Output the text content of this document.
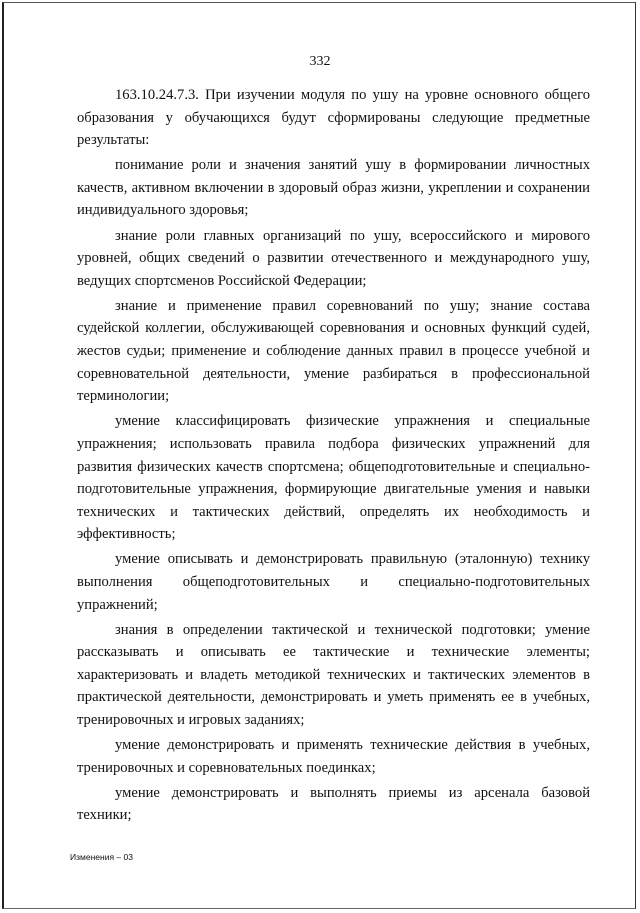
332

163.10.24.7.3. При изучении модуля по ушу на уровне основного общего образования у обучающихся будут сформированы следующие предметные результаты:

понимание роли и значения занятий ушу в формировании личностных качеств, активном включении в здоровый образ жизни, укреплении и сохранении индивидуального здоровья;

знание роли главных организаций по ушу, всероссийского и мирового уровней, общих сведений о развитии отечественного и международного ушу, ведущих спортсменов Российской Федерации;

знание и применение правил соревнований по ушу; знание состава судейской коллегии, обслуживающей соревнования и основных функций судей, жестов судьи; применение и соблюдение данных правил в процессе учебной и соревновательной деятельности, умение разбираться в профессиональной терминологии;

умение классифицировать физические упражнения и специальные упражнения; использовать правила подбора физических упражнений для развития физических качеств спортсмена; общеподготовительные и специально-подготовительные упражнения, формирующие двигательные умения и навыки технических и тактических действий, определять их необходимость и эффективность;

умение описывать и демонстрировать правильную (эталонную) технику выполнения общеподготовительных и специально-подготовительных упражнений;

знания в определении тактической и технической подготовки; умение рассказывать и описывать ее тактические и технические элементы; характеризовать и владеть методикой технических и тактических элементов в практической деятельности, демонстрировать и уметь применять ее в учебных, тренировочных и игровых заданиях;

умение демонстрировать и применять технические действия в учебных, тренировочных и соревновательных поединках;

умение демонстрировать и выполнять приемы из арсенала базовой техники;

Изменения – 03
